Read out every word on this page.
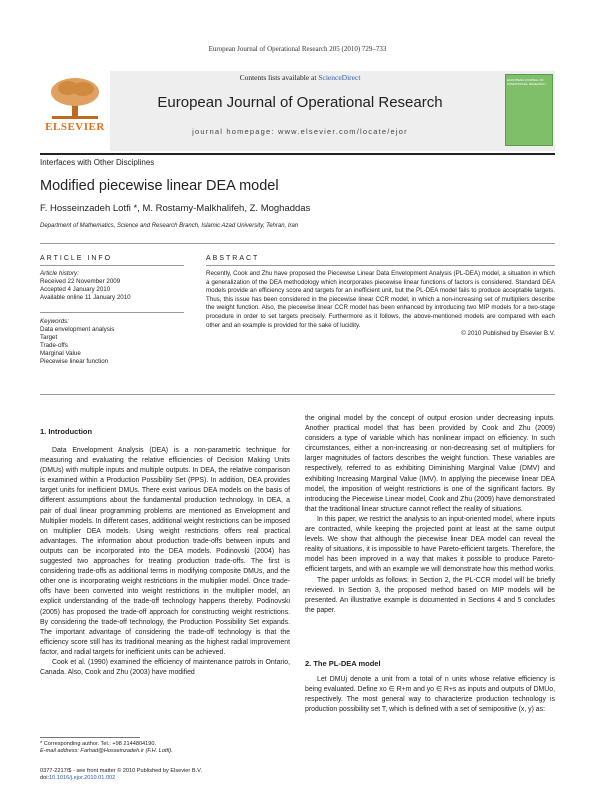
European Journal of Operational Research 205 (2010) 729–733
ELSEVIER
Contents lists available at ScienceDirect
European Journal of Operational Research
journal homepage: www.elsevier.com/locate/ejor
EUROPEAN JOURNAL OF OPERATIONAL RESEARCH
Interfaces with Other Disciplines
Modified piecewise linear DEA model
F. Hosseinzadeh Lotfi *, M. Rostamy-Malkhalifeh, Z. Moghaddas
Department of Mathematics, Science and Research Branch, Islamic Azad University, Tehran, Iran
ARTICLE INFO	ABSTRACT
Article history:
Received 22 November 2009
Accepted 4 January 2010
Available online 11 January 2010
Keywords:
Data envelopment analysis
Target
Trade-offs
Marginal Value
Piecewise linear function

Recently, Cook and Zhu have proposed the Piecewise Linear Data Envelopment Analysis (PL-DEA) model, a situation in which a generalization of the DEA methodology which incorporates piecewise linear functions of factors is considered. Standard DEA models provide an efficiency score and targets for an inefficient unit, but the PL-DEA model fails to produce acceptable targets. Thus, this issue has been considered in the piecewise linear CCR model, in which a non-increasing set of multipliers describe the weight function. Also, the piecewise linear CCR model has been enhanced by introducing two MIP models for a two-stage procedure in order to set targets precisely. Furthermore as it follows, the above-mentioned models are compared with each other and an example is provided for the sake of lucidity.

© 2010 Published by Elsevier B.V.

1. Introduction

Data Envelopment Analysis (DEA) is a non-parametric technique for measuring and evaluating the relative efficiencies of Decision Making Units (DMUs) with multiple inputs and multiple outputs. In DEA, the relative comparison is examined within a Production Possibility Set (PPS). In addition, DEA provides target units for inefficient DMUs. There exist various DEA models on the basis of different assumptions about the fundamental production technology. In DEA, a pair of dual linear programming problems are mentioned as Envelopment and Multiplier models. In different cases, additional weight restrictions can be imposed on multiplier DEA models. Using weight restrictions offers real practical advantages. The information about production trade-offs between inputs and outputs can be incorporated into the DEA models. Podinovski (2004) has suggested two approaches for treating production trade-offs. The first is considering trade-offs as additional terms in modifying composite DMUs, and the other one is incorporating weight restrictions in the multiplier model. Once trade-offs have been converted into weight restrictions in the multiplier model, an explicit understanding of the trade-off technology happens thereby. Podinovski (2005) has proposed the trade-off approach for constructing weight restrictions. By considering the trade-off technology, the Production Possibility Set expands. The important advantage of considering the trade-off technology is that the efficiency score still has its traditional meaning as the highest radial improvement factor, and radial targets for inefficient units can be achieved.

Cook et al. (1990) examined the efficiency of maintenance patrols in Ontario, Canada. Also, Cook and Zhu (2003) have modified

the original model by the concept of output erosion under decreasing inputs. Another practical model that has been provided by Cook and Zhu (2009) considers a type of variable which has nonlinear impact on efficiency. In such circumstances, either a non-increasing or non-decreasing set of multipliers for larger magnitudes of factors describes the weight function. These variables are respectively, referred to as exhibiting Diminishing Marginal Value (DMV) and exhibiting Increasing Marginal Value (IMV). In applying the piecewise linear DEA model, the imposition of weight restrictions is one of the significant factors. By introducing the Piecewise Linear model, Cook and Zhu (2009) have demonstrated that the traditional linear structure cannot reflect the reality of situations.

In this paper, we restrict the analysis to an input-oriented model, where inputs are contracted, while keeping the projected point at least at the same output levels. We show that although the piecewise linear DEA model can reveal the reality of situations, it is impossible to have Pareto-efficient targets. Therefore, the model has been improved in a way that makes it possible to produce Pareto-efficient targets, and with an example we will demonstrate how this method works.

The paper unfolds as follows: in Section 2, the PL-CCR model will be briefly reviewed. In Section 3, the proposed method based on MIP models will be presented. An illustrative example is documented in Sections 4 and 5 concludes the paper.

2. The PL-DEA model

Let DMUj denote a unit from a total of n units whose relative efficiency is being evaluated. Define xo ∈ R+m and yo ∈ R+s as inputs and outputs of DMUo, respectively. The most general way to characterize production technology is production possibility set T, which is defined with a set of semipositive (x, y) as:

* Corresponding author. Tel.: +98 2144804190.
E-mail address: Farhad@Hosseinzadeh.ir (F.H. Lotfi).
0377-2217/$ - see front matter © 2010 Published by Elsevier B.V.
doi:10.1016/j.ejor.2010.01.002
